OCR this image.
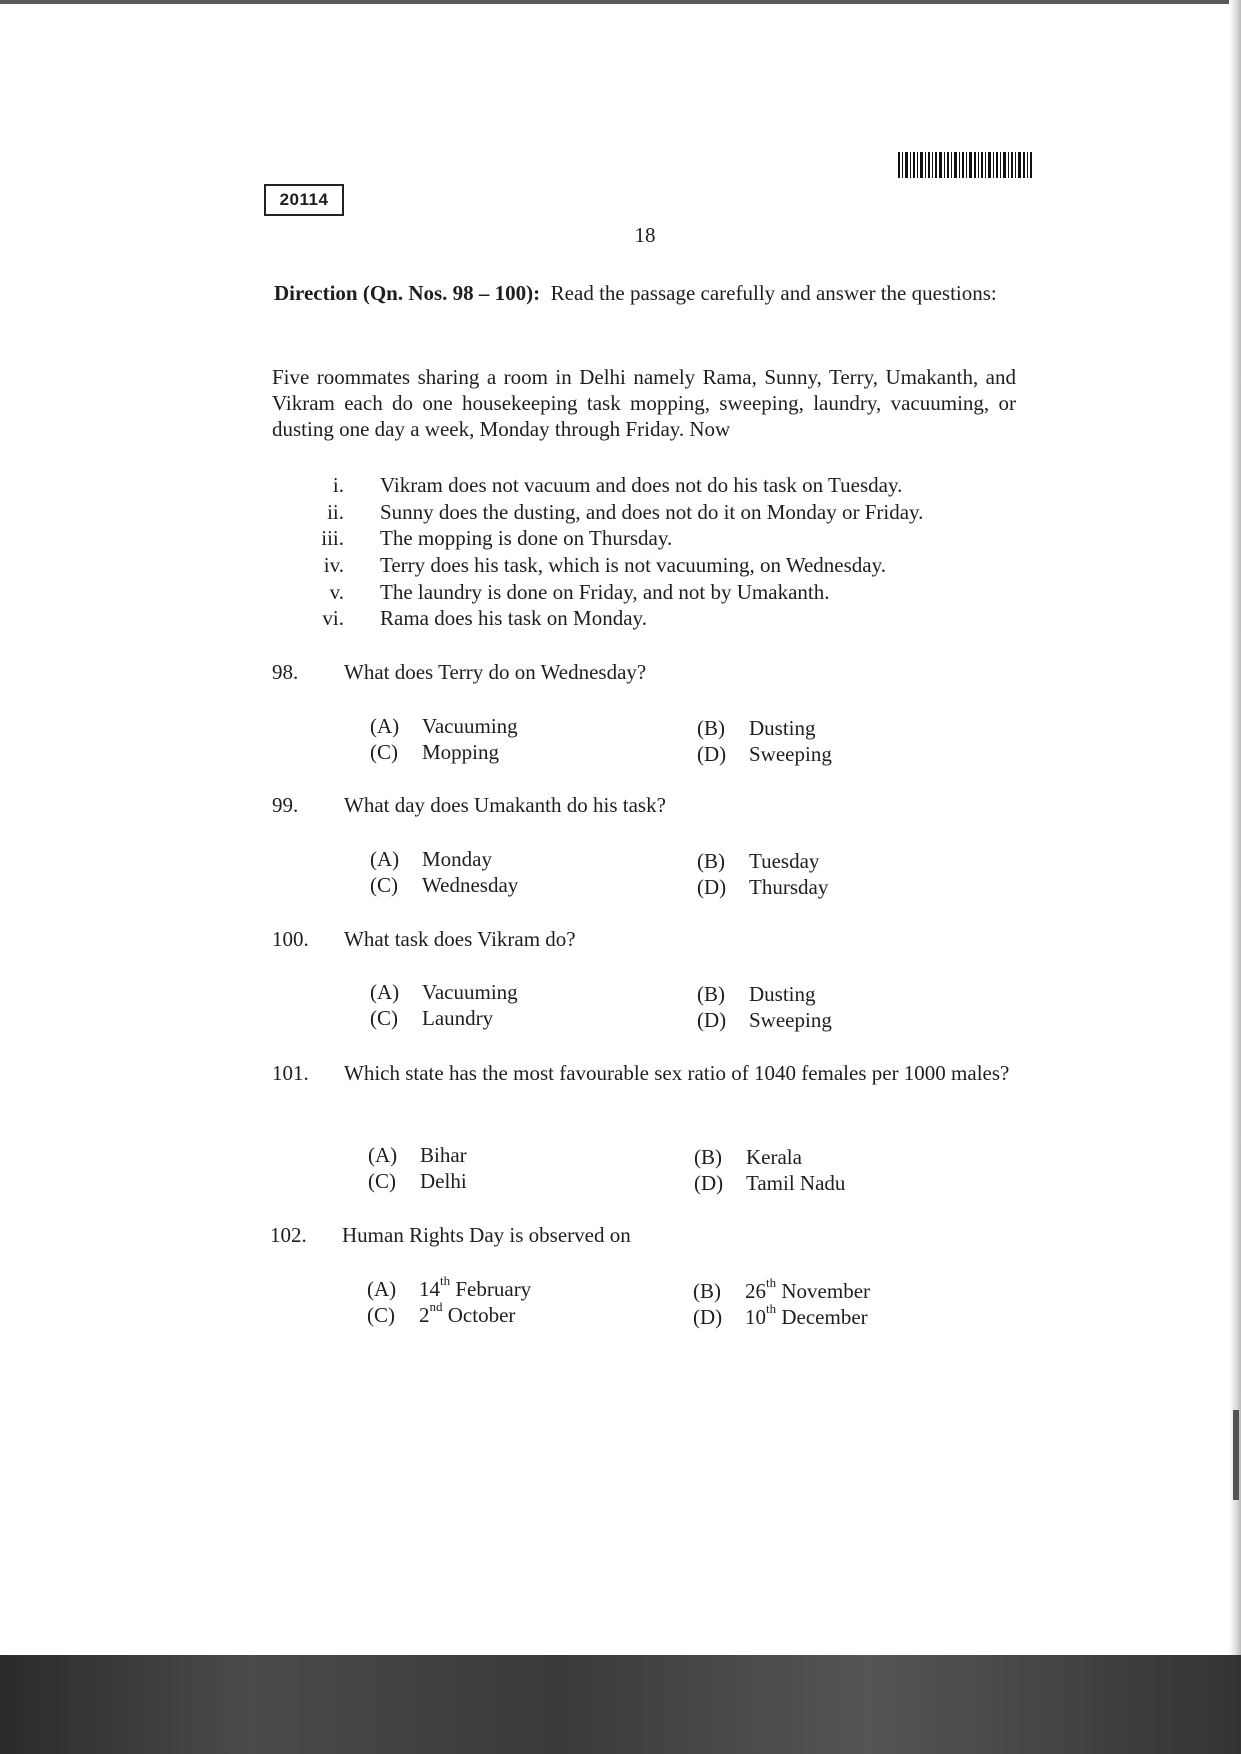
20114
18
Direction (Qn. Nos. 98 – 100): Read the passage carefully and answer the questions:
Five roommates sharing a room in Delhi namely Rama, Sunny, Terry, Umakanth, and Vikram each do one housekeeping task mopping, sweeping, laundry, vacuuming, or dusting one day a week, Monday through Friday. Now
i. Vikram does not vacuum and does not do his task on Tuesday.
ii. Sunny does the dusting, and does not do it on Monday or Friday.
iii. The mopping is done on Thursday.
iv. Terry does his task, which is not vacuuming, on Wednesday.
v. The laundry is done on Friday, and not by Umakanth.
vi. Rama does his task on Monday.
98. What does Terry do on Wednesday?
(A) Vacuuming	(B) Dusting
(C) Mopping	(D) Sweeping
99. What day does Umakanth do his task?
(A) Monday	(B) Tuesday
(C) Wednesday	(D) Thursday
100. What task does Vikram do?
(A) Vacuuming	(B) Dusting
(C) Laundry	(D) Sweeping
101. Which state has the most favourable sex ratio of 1040 females per 1000 males?
(A) Bihar	(B) Kerala
(C) Delhi	(D) Tamil Nadu
102. Human Rights Day is observed on
(A) 14th February	(B) 26th November
(C) 2nd October	(D) 10th December
